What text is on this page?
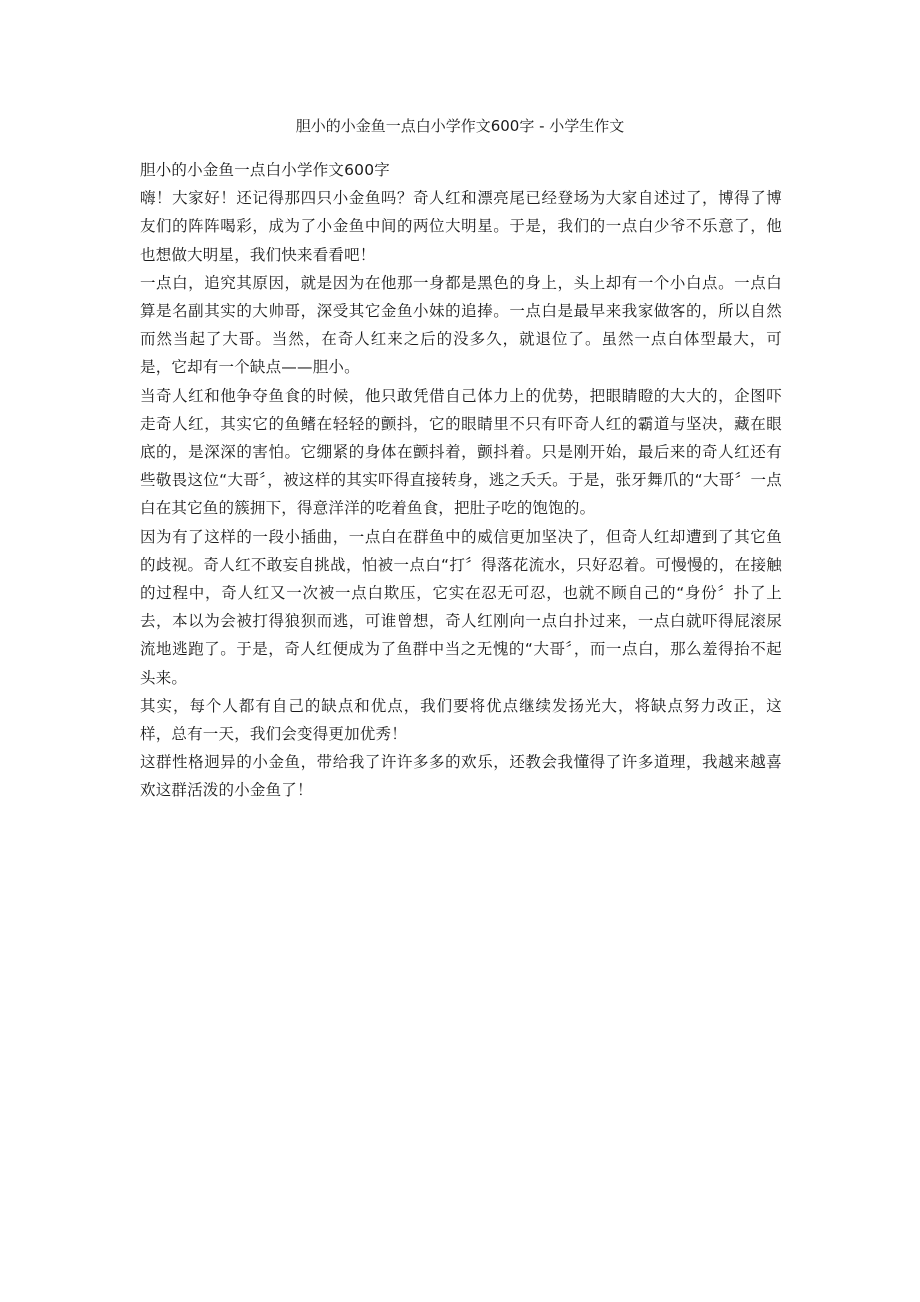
胆小的小金鱼一点白小学作文600字 - 小学生作文

胆小的小金鱼一点白小学作文600字

嗨！大家好！还记得那四只小金鱼吗？奇人红和漂亮尾已经登场为大家自述过了，博得了博友们的阵阵喝彩，成为了小金鱼中间的两位大明星。于是，我们的一点白少爷不乐意了，他也想做大明星，我们快来看看吧！

一点白，追究其原因，就是因为在他那一身都是黑色的身上，头上却有一个小白点。一点白算是名副其实的大帅哥，深受其它金鱼小妹的追捧。一点白是最早来我家做客的，所以自然而然当起了大哥。当然，在奇人红来之后的没多久，就退位了。虽然一点白体型最大，可是，它却有一个缺点——胆小。

当奇人红和他争夺鱼食的时候，他只敢凭借自己体力上的优势，把眼睛瞪的大大的，企图吓走奇人红，其实它的鱼鳍在轻轻的颤抖，它的眼睛里不只有吓奇人红的霸道与坚决，藏在眼底的，是深深的害怕。它绷紧的身体在颤抖着，颤抖着。只是刚开始，最后来的奇人红还有些敬畏这位“大哥〞，被这样的其实吓得直接转身，逃之夭夭。于是，张牙舞爪的“大哥〞一点白在其它鱼的簇拥下，得意洋洋的吃着鱼食，把肚子吃的饱饱的。

因为有了这样的一段小插曲，一点白在群鱼中的威信更加坚决了，但奇人红却遭到了其它鱼的歧视。奇人红不敢妄自挑战，怕被一点白“打〞得落花流水，只好忍着。可慢慢的，在接触的过程中，奇人红又一次被一点白欺压，它实在忍无可忍，也就不顾自己的“身份〞扑了上去，本以为会被打得狼狈而逃，可谁曾想，奇人红刚向一点白扑过来，一点白就吓得屁滚尿流地逃跑了。于是，奇人红便成为了鱼群中当之无愧的“大哥〞，而一点白，那么羞得抬不起头来。

其实，每个人都有自己的缺点和优点，我们要将优点继续发扬光大，将缺点努力改正，这样，总有一天，我们会变得更加优秀！

这群性格迥异的小金鱼，带给我了许许多多的欢乐，还教会我懂得了许多道理，我越来越喜欢这群活泼的小金鱼了！
